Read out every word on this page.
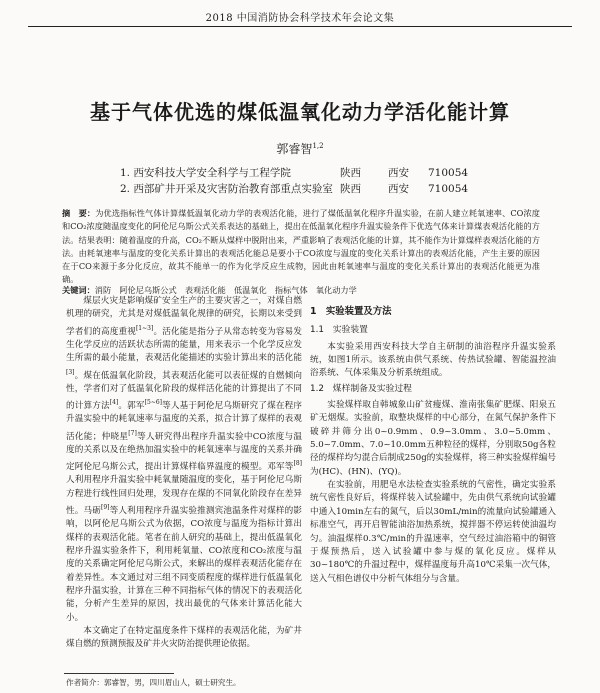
2018 中国消防协会科学技术年会论文集
基于气体优选的煤低温氧化动力学活化能计算
郭睿智$^{1,2}$
1. 西安科技大学安全科学与工程学院	陕西	西安 710054
2. 西部矿井开采及灾害防治教育部重点实验室 陕西	西安 710054
摘　要：为优选指标性气体计算煤低温氧化动力学的表观活化能，进行了煤低温氧化程序升温实验，在前人建立耗氧速率、CO浓度和CO₂浓度随温度变化的阿伦尼乌斯公式关系表达的基础上，提出在低温氧化程序升温实验条件下优选气体来计算煤表观活化能的方法。结果表明：随着温度的升高，CO₂不断从煤样中脱附出来，严重影响了表观活化能的计算，其不能作为计算煤样表观活化能的方法。由耗氧速率与温度的变化关系计算出的表观活化能总是要小于CO浓度与温度的变化关系计算出的表观活化能，产生主要的原因在于CO来源于多分化反应，故其不能单一的作为化学反应生成物，因此由耗氧速率与温度的变化关系计算出的表观活化能更为准确。
关键词：消防　阿伦尼乌斯公式　表观活化能　低温氧化　指标气体　氧化动力学

煤层火灾是影响煤矿安全生产的主要灾害之一，对煤自燃机理的研究，尤其是对煤低温氧化规律的研究，长期以来受到学者们的高度重视[1~3]。活化能是指分子从常态转变为容易发生化学反应的活跃状态所需的能量，用来表示一个化学反应发生所需的最小能量，表观活化能描述的实验计算出来的活化能[3]。煤在低温氧化阶段，其表观活化能可以表征煤的自燃倾向性，学者们对了低温氧化阶段的煤样活化能的计算提出了不同的计算方法[4]。郭军[5~6]等人基于阿伦尼乌斯研究了煤在程序升温实验中的耗氧速率与温度的关系，拟合计算了煤样的表观活化能；仲晓星[7]等人研究得出程序升温实验中CO浓度与温度的关系以及在绝热加温实验中的耗氧速率与温度的关系并确定阿伦尼乌斯公式，提出计算煤样临界温度的模型。邓军等[8]人利用程序升温实验中耗氧量随温度的变化，基于阿伦尼乌斯方程进行线性回归处理，发现存在煤的不同氧化阶段存在差异性。马砺[9]等人利用程序升温实验推测宾池温条件对煤样的影响，以阿伦尼乌斯公式为依据，CO浓度与温度为指标计算出煤样的表观活化能。笔者在前人研究的基础上，提出低温氧化程序升温实验条件下，利用耗氧量、CO浓度和CO₂浓度与温度的关系确定阿伦尼乌斯公式，来解出的煤样表观活化能存在着差异性。本文通过对三组不同变质程度的煤样进行低温氧化程序升温实验，计算在三种不同指标气体的情况下的表观活化能，分析产生差异的原因，找出最优的气体来计算活化能大小。

本文确定了在特定温度条件下煤样的表观活化能，为矿井煤自燃的预测预报及矿井火灾防治提供理论依据。

1　实验装置及方法
1.1　实验装置

本实验采用西安科技大学自主研制的油浴程序升温实验系统，如图1所示。该系统由供气系统、传热试验罐、智能温控油浴系统、气体采集及分析系统组成。

1.2　煤样制备及实验过程

实验煤样取自韩城象山矿贫瘦煤、淮南张集矿肥煤、阳泉五矿无烟煤。实验前，取整块煤样的中心部分，在氮气保护条件下破碎并筛分出0~0.9mm、0.9~3.0mm、3.0~5.0mm、5.0~7.0mm、7.0~10.0mm五种粒径的煤样，分别取50g各粒径的煤样均匀混合后制成250g的实验煤样，将三种实验煤样编号为(HC)、(HN)、(YQ)。

在实验前，用肥皂水法检查实验系统的气密性，确定实验系统气密性良好后，将煤样装入试验罐中，先由供气系统向试验罐中通入10min左右的氮气，后以30mL/min的流量向试验罐通入标准空气，再开启智能油浴加热系统，搅拌器不停运转使油温均匀。油温煤样0.3℃/min的升温速率，空气经过油浴箱中的铜管于煤预热后，送入试验罐中参与煤的氧化反应。煤样从30~180℃的升温过程中，煤样温度每升高10℃采集一次气体，送入气相色谱仪中分析气体组分与含量。

作者简介：郭睿智，男，四川眉山人，硕士研究生。
